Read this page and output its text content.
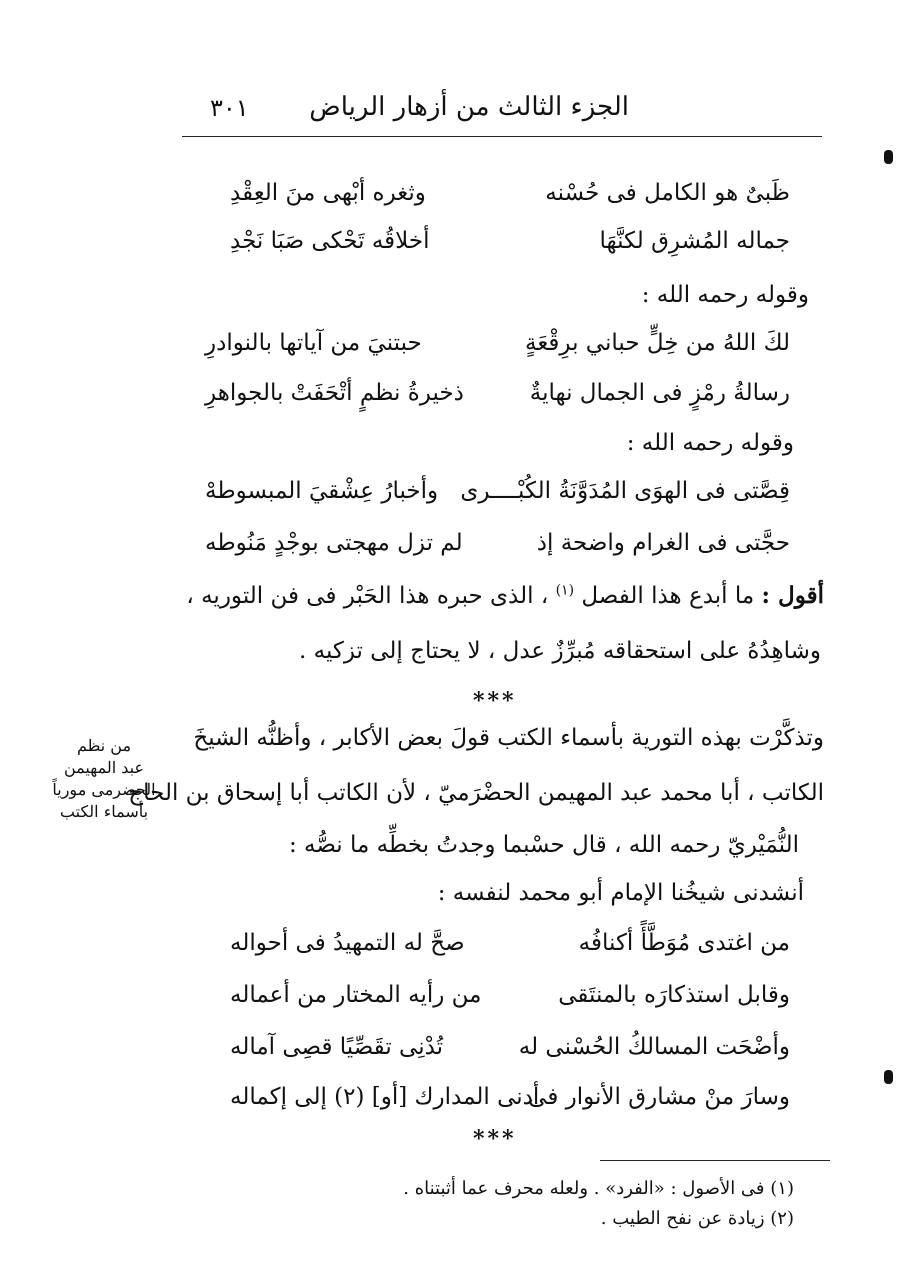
الجزء الثالث من أزهار الرياض
٣٠١
ظَبىٌ هو الكامل فى حُسْنه
وثغره أبْهى منَ العِقْدِ
جماله المُشرِق لكنَّهَا
أخلاقُه تَحْكى صَبَا نَجْدِ
وقوله رحمه الله :
لكَ اللهُ من خِلٍّ حباني برِقْعَةٍ
حبتنيَ من آياتها بالنوادرِ
رسالةُ رمْزٍ فى الجمال نهايةٌ
ذخيرةُ نظمٍ أتْحَفَتْ بالجواهرِ
وقوله رحمه الله :
قِصَّتى فى الهوَى المُدَوَّنَةُ الكُبْــــرى
وأخبارُ عِشْقيَ المبسوطهْ
حجَّتى فى الغرام واضحة إذ
لم تزل مهجتى بوجْدٍ مَنُوطه
أقول : ما أبدع هذا الفصل $^{(١)}$ ، الذى حبره هذا الحَبْر فى فن التوريه ،
وشاهِدُهُ على استحقاقه مُبرِّزٌ عدل ، لا يحتاج إلى تزكيه .
***
وتذكَّرْت بهذه التورية بأسماء الكتب قولَ بعض الأكابر ، وأظنُّه الشيخَ
الكاتب ، أبا محمد عبد المهيمن الحضْرَميّ ، لأن الكاتب أبا إسحاق بن الحاج
النُّمَيْريّ رحمه الله ، قال حسْبما وجدتُ بخطِّه ما نصُّه :
أنشدنى شيخُنا الإمام أبو محمد لنفسه :
من اغتدى مُوَطَّأً أكنافُه
صحَّ له التمهيدُ فى أحواله
وقابل استذكارَه بالمنتَقى
من رأيه المختار من أعماله
وأضْحَت المسالكُ الحُسْنى له
تُدْنِى تقَصِّيًا قصِى آماله
وسارَ منْ مشارق الأنوار فى
أدنى المدارك [أو] (٢) إلى إكماله
***
من نظم
عبد المهيمن
الحضرمى مورياً
بأسماء الكتب
(١) فى الأصول : «الفرد» . ولعله محرف عما أثبتناه .
(٢) زيادة عن نفح الطيب .
